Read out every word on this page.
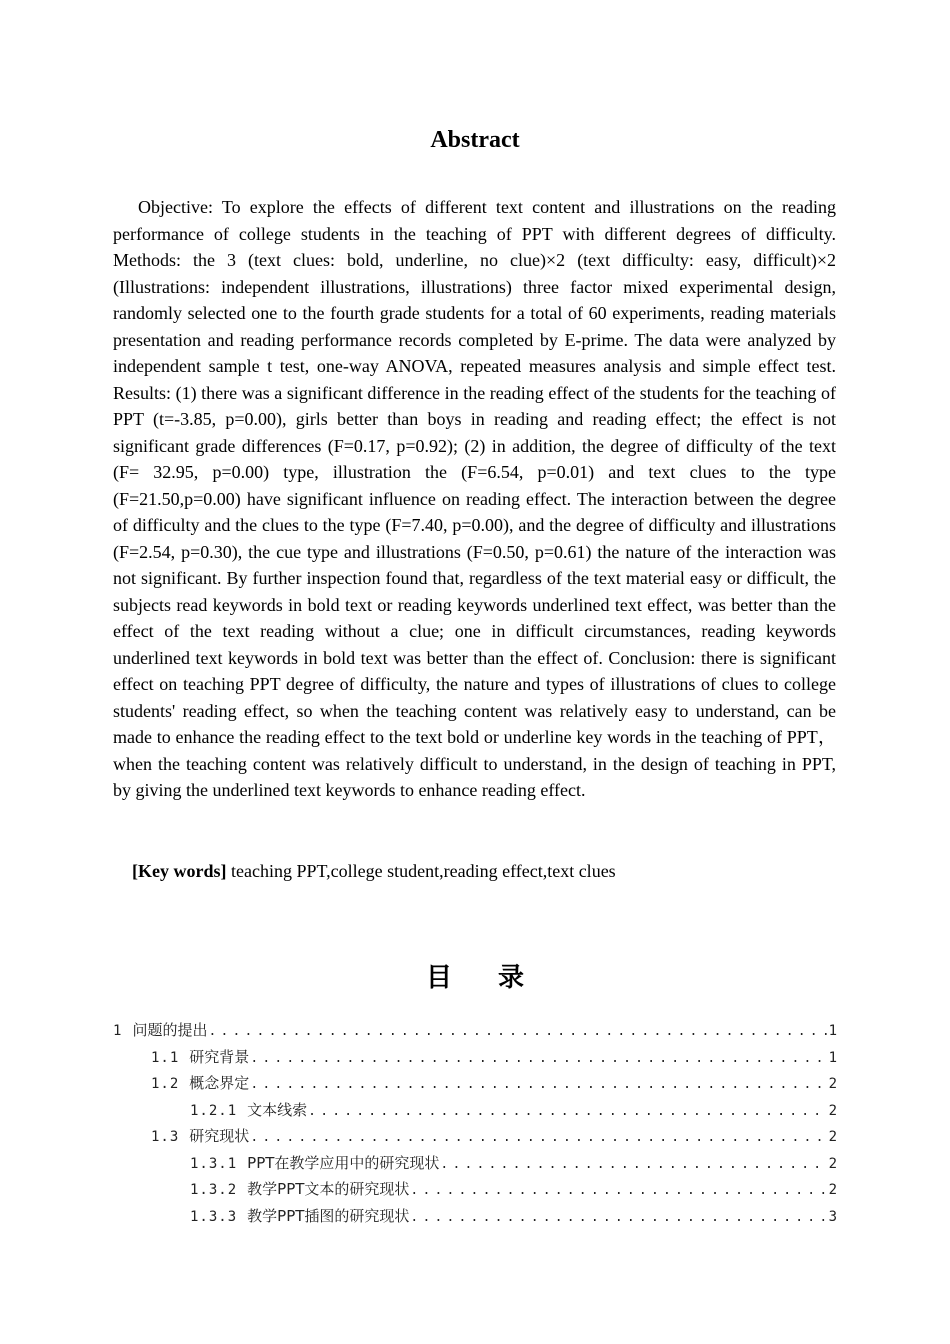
Abstract

Objective: To explore the effects of different text content and illustrations on the reading performance of college students in the teaching of PPT with different degrees of difficulty. Methods: the 3 (text clues: bold, underline, no clue)×2 (text difficulty: easy, difficult)×2 (Illustrations: independent illustrations, illustrations) three factor mixed experimental design, randomly selected one to the fourth grade students for a total of 60 experiments, reading materials presentation and reading performance records completed by E-prime. The data were analyzed by independent sample t test, one-way ANOVA, repeated measures analysis and simple effect test. Results: (1) there was a significant difference in the reading effect of the students for the teaching of PPT (t=-3.85, p=0.00), girls better than boys in reading and reading effect; the effect is not significant grade differences (F=0.17, p=0.92); (2) in addition, the degree of difficulty of the text (F= 32.95, p=0.00) type, illustration the (F=6.54, p=0.01) and text clues to the type (F=21.50,p=0.00) have significant influence on reading effect. The interaction between the degree of difficulty and the clues to the type (F=7.40, p=0.00), and the degree of difficulty and illustrations (F=2.54, p=0.30), the cue type and illustrations (F=0.50, p=0.61) the nature of the interaction was not significant. By further inspection found that, regardless of the text material easy or difficult, the subjects read keywords in bold text or reading keywords underlined text effect, was better than the effect of the text reading without a clue; one in difficult circumstances, reading keywords underlined text keywords in bold text was better than the effect of. Conclusion: there is significant effect on teaching PPT degree of difficulty, the nature and types of illustrations of clues to college students' reading effect, so when the teaching content was relatively easy to understand, can be made to enhance the reading effect to the text bold or underline key words in the teaching of PPT，when the teaching content was relatively difficult to understand, in the design of teaching in PPT, by giving the underlined text keywords to enhance reading effect.

[Key words] teaching PPT,college student,reading effect,text clues

目 录
1 问题的提出 .....	1
1.1 研究背景 .....	1
1.2 概念界定 .....	2
1.2.1 文本线索 .....	2
1.3 研究现状 .....	2
1.3.1 PPT在教学应用中的研究现状 .....	2
1.3.2 教学PPT文本的研究现状 .....	2
1.3.3 教学PPT插图的研究现状 .....	3
